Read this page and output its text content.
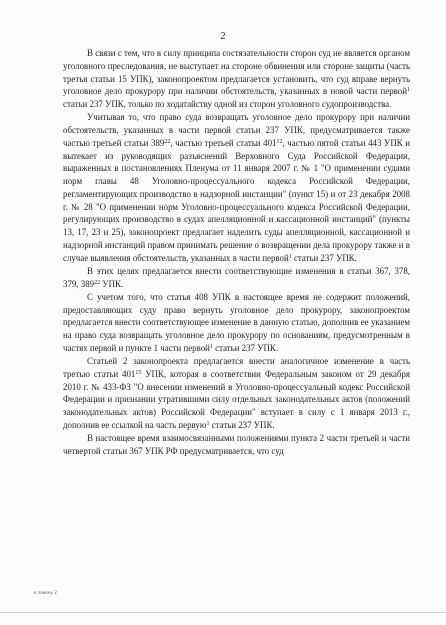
2

В связи с тем, что в силу принципа состязательности сторон суд не является органом уголовного преследования, не выступает на стороне обвинения или стороне защиты (часть третья статьи 15 УПК), законопроектом предлагается установить, что суд вправе вернуть уголовное дело прокурору при наличии обстоятельств, указанных в новой части первой$^1$ статьи 237 УПК, только по ходатайству одной из сторон уголовного судопроизводства.

Учитывая то, что право суда возвращать уголовное дело прокурору при наличии обстоятельств, указанных в части первой статьи 237 УПК, предусматривается также частью третьей статьи $389^{22}$, частью третьей статьи $401^{12}$, частью пятой статьи 443 УПК и вытекает из руководящих разъяснений Верховного Суда Российской Федерации, выраженных в постановлениях Пленума от 11 января 2007 г. № 1 "О применении судами норм главы 48 Уголовно-процессуального кодекса Российской Федерации, регламентирующих производство в надзорной инстанции" (пункт 15) и от 23 декабря 2008 г. № 28 "О применении норм Уголовно-процессуального кодекса Российской Федерации, регулирующих производство в судах апелляционной и кассационной инстанций" (пункты 13, 17, 23 и 25), законопроект предлагает наделить суды апелляционной, кассационной и надзорной инстанций правом принимать решение о возвращении дела прокурору также и в случае выявления обстоятельств, указанных в части первой$^1$ статьи 237 УПК.

В этих целях предлагается внести соответствующие изменения в статьи 367, 378, 379, $389^{22}$ УПК.

С учетом того, что статья 408 УПК в настоящее время не содержит положений, предоставляющих суду право вернуть уголовное дело прокурору, законопроектом предлагается внести соответствующее изменение в данную статью, дополнив ее указанием на право суда возвращать уголовное дело прокурору по основаниям, предусмотренным в частях первой и пункте 1 части первой$^1$ статьи 237 УПК.

Статьей 2 законопроекта предлагается внести аналогичное изменение в часть третью статьи $401^{15}$ УПК, которая в соответствии Федеральным законом от 29 декабря 2010 г. № 433-ФЗ "О внесении изменений в Уголовно-процессуальный кодекс Российской Федерации и признании утратившими силу отдельных законодательных актов (положений законодательных актов) Российской Федерации" вступает в силу с 1 января 2013 г., дополнив ее ссылкой на часть первую$^1$ статьи 237 УПК.

В настоящее время взаимосвязанными положениями пункта 2 части третьей и части четвертой статьи 367 УПК РФ предусматривается, что суд

к закону 2
